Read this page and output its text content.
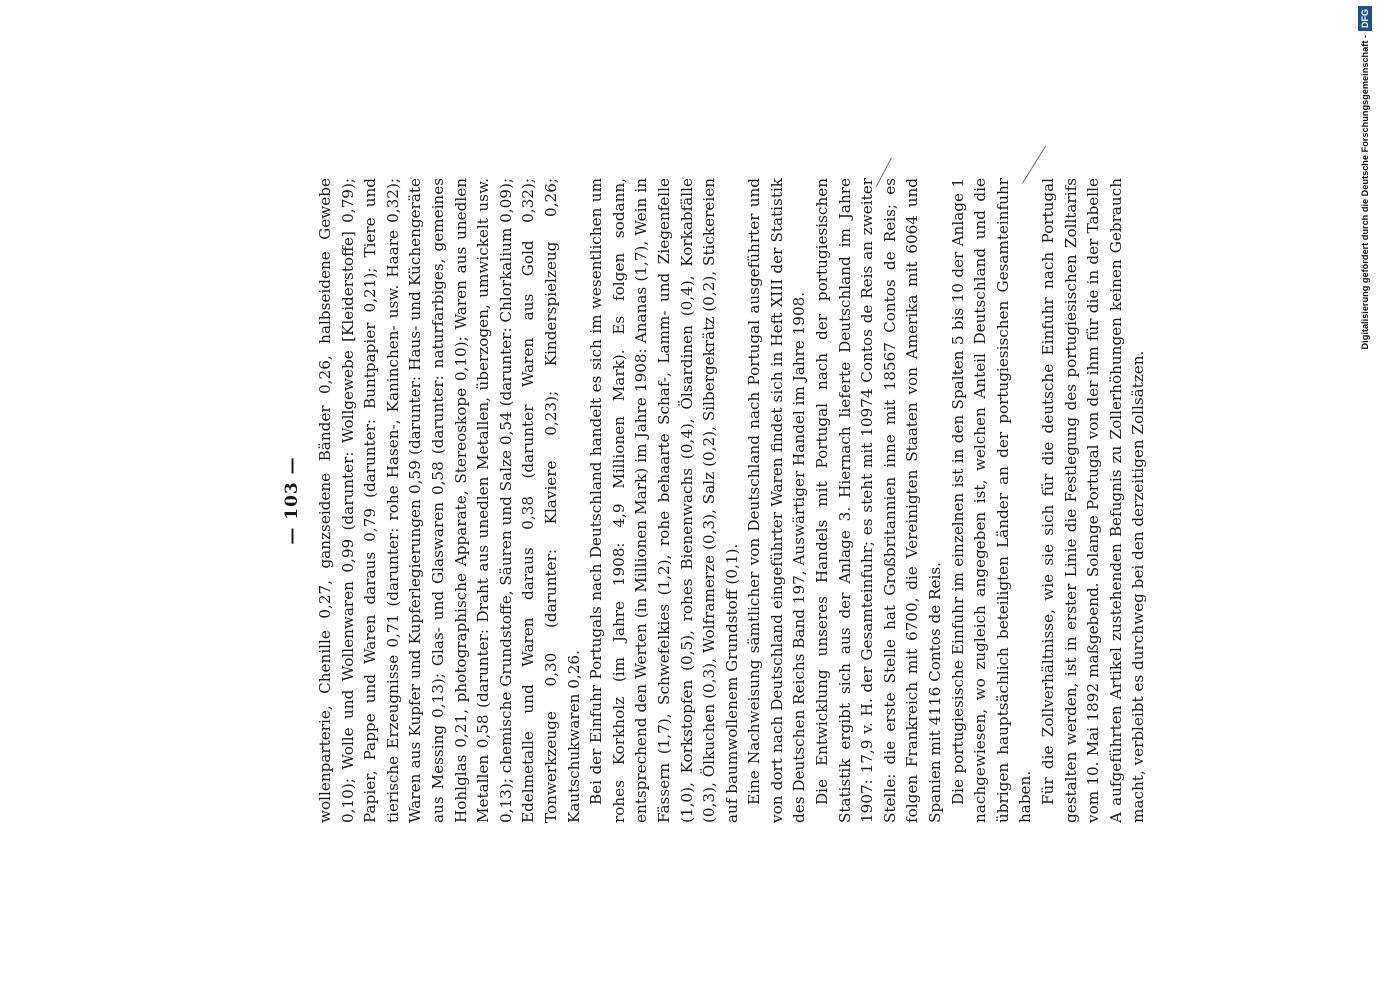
— 103 — wollenparterie, Chenille 0,27, ganzseidene Bänder 0,26, halbseidene Gewebe 0,10); Wolle und Wollenwaren 0,99 (darunter: Wollgewebe [Kleiderstoffe] 0,79); Papier, Pappe und Waren daraus 0,79 (darunter: Buntpapier 0,21); Tiere und tierische Erzeugnisse 0,71 (darunter: rohe Hasen-, Kaninchen- usw. Haare 0,32); Waren aus Kupfer und Kupferlegierungen 0,59 (darunter: Haus- und Küchengeräte aus Messing 0,13); Glas- und Glaswaren 0,58 (darunter: naturfarbiges, gemeines Hohlglas 0,21, photographische Apparate, Stereoskope 0,10); Waren aus unedlen Metallen 0,58 (darunter: Draht aus unedlen Metallen, überzogen, umwickelt usw. 0,13); chemische Grundstoffe, Säuren und Salze 0,54 (darunter: Chlorkalium 0,09); Edelmetalle und Waren daraus 0,38 (darunter Waren aus Gold 0,32); Tonwerkzeuge 0,30 (darunter: Klaviere 0,23); Kinderspielzeug 0,26; Kautschukwaren 0,26. Bei der Einfuhr Portugals nach Deutschland handelt es sich im wesentlichen um rohes Korkholz (im Jahre 1908: 4,9 Millionen Mark). Es folgen sodann, entsprechend den Werten (in Millionen Mark) im Jahre 1908: Ananas (1,7), Wein in Fässern (1,7), Schwefelkies (1,2), rohe behaarte Schaf-, Lamm- und Ziegenfelle (1,0), Korkstopfen (0,5), rohes Bienenwachs (0,4), Ölsardinen (0,4), Korkabfälle (0,3), Ölkuchen (0,3), Wolframerze (0,3), Salz (0,2), Silbergekrätz (0,2), Stickereien auf baumwollenem Grundstoff (0,1). Eine Nachweisung sämtlicher von Deutschland nach Portugal ausgeführter und von dort nach Deutschland eingeführter Waren findet sich in Heft XIII der Statistik des Deutschen Reichs Band 197, Auswärtiger Handel im Jahre 1908. Die Entwicklung unseres Handels mit Portugal nach der portugiesischen Statistik ergibt sich aus der Anlage 3. Hiernach lieferte Deutschland im Jahre 1907: 17,9 v. H. der Gesamteinfuhr; es steht mit 10974 Contos de Reis an zweiter Stelle: die erste Stelle hat Großbritannien inne mit 18567 Contos de Reis; es folgen Frankreich mit 6700, die Vereinigten Staaten von Amerika mit 6064 und Spanien mit 4116 Contos de Reis. Die portugiesische Einfuhr im einzelnen ist in den Spalten 5 bis 10 der Anlage 1 nachgewiesen, wo zugleich angegeben ist, welchen Anteil Deutschland und die übrigen hauptsächlich beteiligten Länder an der portugiesischen Gesamteinfuhr haben. Für die Zollverhältnisse, wie sie sich für die deutsche Einfuhr nach Portugal gestalten werden, ist in erster Linie die Festlegung des portugiesischen Zolltarifs vom 10. Mai 1892 maßgebend. Solange Portugal von der ihm für die in der Tabelle A aufgeführten Artikel zustehenden Befugnis zu Zollerhöhungen keinen Gebrauch macht, verbleibt es durchweg bei den derzeitigen Zollsätzen.

Digitalisierung gefördert durch die Deutsche Forschungsgemeinschaft -
DFG
